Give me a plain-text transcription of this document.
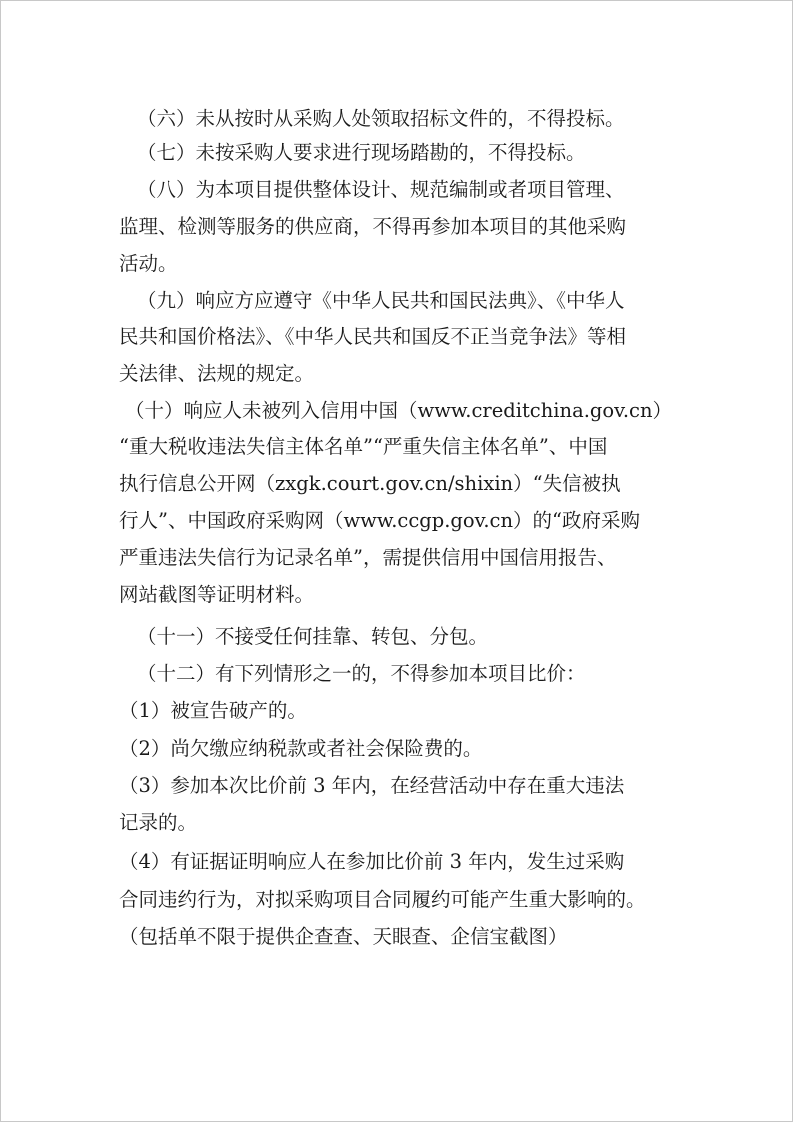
（六）未从按时从采购人处领取招标文件的，不得投标。

（七）未按采购人要求进行现场踏勘的，不得投标。

（八）为本项目提供整体设计、规范编制或者项目管理、

监理、检测等服务的供应商，不得再参加本项目的其他采购

活动。

（九）响应方应遵守《中华人民共和国民法典》、《中华人

民共和国价格法》、《中华人民共和国反不正当竞争法》等相

关法律、法规的规定。

（十）响应人未被列入信用中国（www.creditchina.gov.cn）

“重大税收违法失信主体名单”“严重失信主体名单”、中国

执行信息公开网（zxgk.court.gov.cn/shixin）“失信被执

行人”、中国政府采购网（www.ccgp.gov.cn）的“政府采购

严重违法失信行为记录名单”，需提供信用中国信用报告、

网站截图等证明材料。

（十一）不接受任何挂靠、转包、分包。

（十二）有下列情形之一的，不得参加本项目比价：

（1）被宣告破产的。

（2）尚欠缴应纳税款或者社会保险费的。

（3）参加本次比价前 3 年内，在经营活动中存在重大违法

记录的。

（4）有证据证明响应人在参加比价前 3 年内，发生过采购

合同违约行为，对拟采购项目合同履约可能产生重大影响的。

（包括单不限于提供企查查、天眼查、企信宝截图）
